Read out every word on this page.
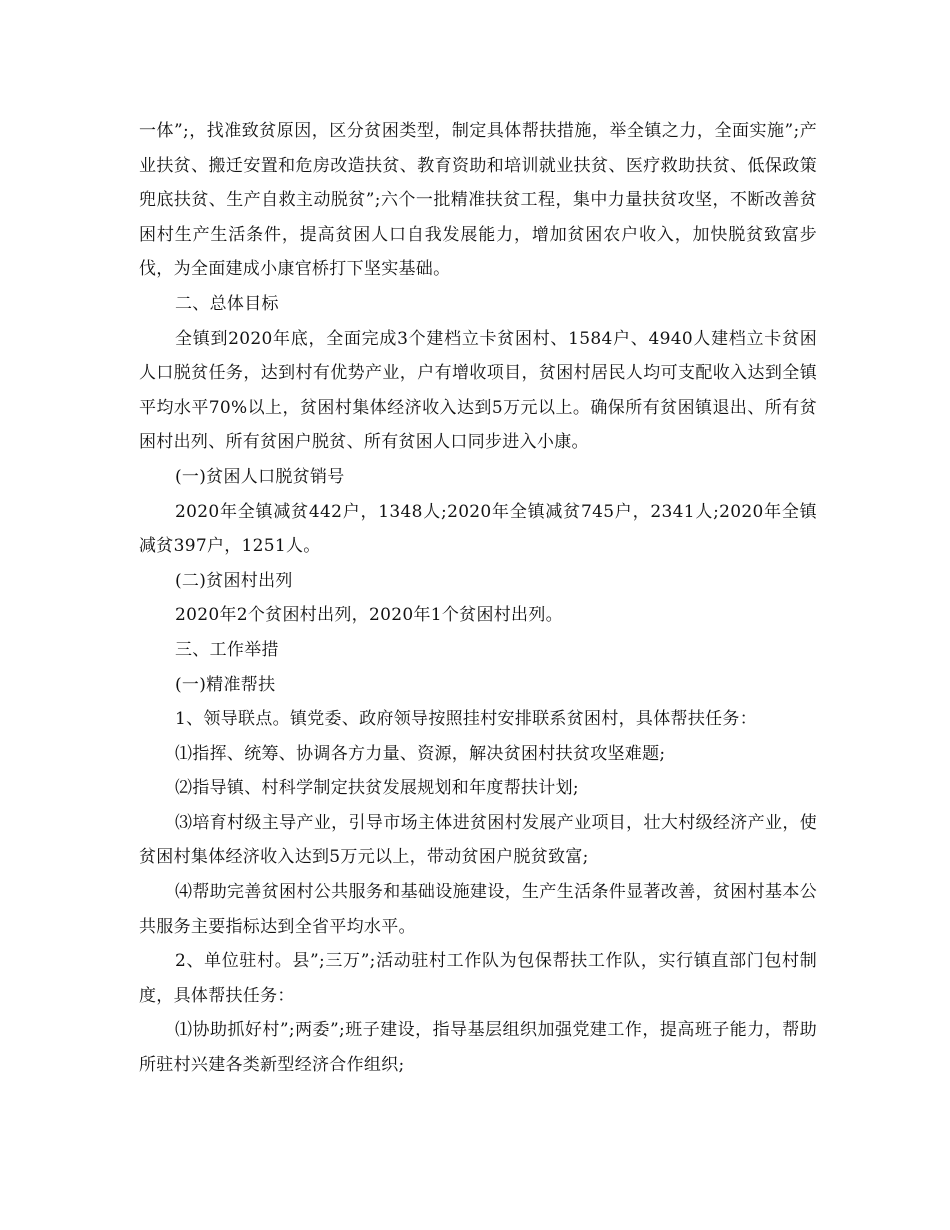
一体”;，找准致贫原因，区分贫困类型，制定具体帮扶措施，举全镇之力，全面实施”;产业扶贫、搬迁安置和危房改造扶贫、教育资助和培训就业扶贫、医疗救助扶贫、低保政策兜底扶贫、生产自救主动脱贫”;六个一批精准扶贫工程，集中力量扶贫攻坚，不断改善贫困村生产生活条件，提高贫困人口自我发展能力，增加贫困农户收入，加快脱贫致富步伐，为全面建成小康官桥打下坚实基础。

二、总体目标

全镇到2020年底，全面完成3个建档立卡贫困村、1584户、4940人建档立卡贫困人口脱贫任务，达到村有优势产业，户有增收项目，贫困村居民人均可支配收入达到全镇平均水平70%以上，贫困村集体经济收入达到5万元以上。确保所有贫困镇退出、所有贫困村出列、所有贫困户脱贫、所有贫困人口同步进入小康。

(一)贫困人口脱贫销号

2020年全镇减贫442户，1348人;2020年全镇减贫745户，2341人;2020年全镇减贫397户，1251人。

(二)贫困村出列

2020年2个贫困村出列，2020年1个贫困村出列。

三、工作举措

(一)精准帮扶

1、领导联点。镇党委、政府领导按照挂村安排联系贫困村，具体帮扶任务：

⑴指挥、统筹、协调各方力量、资源，解决贫困村扶贫攻坚难题;

⑵指导镇、村科学制定扶贫发展规划和年度帮扶计划;

⑶培育村级主导产业，引导市场主体进贫困村发展产业项目，壮大村级经济产业，使贫困村集体经济收入达到5万元以上，带动贫困户脱贫致富;

⑷帮助完善贫困村公共服务和基础设施建设，生产生活条件显著改善，贫困村基本公共服务主要指标达到全省平均水平。

2、单位驻村。县”;三万”;活动驻村工作队为包保帮扶工作队，实行镇直部门包村制度，具体帮扶任务：

⑴协助抓好村”;两委”;班子建设，指导基层组织加强党建工作，提高班子能力，帮助所驻村兴建各类新型经济合作组织;
